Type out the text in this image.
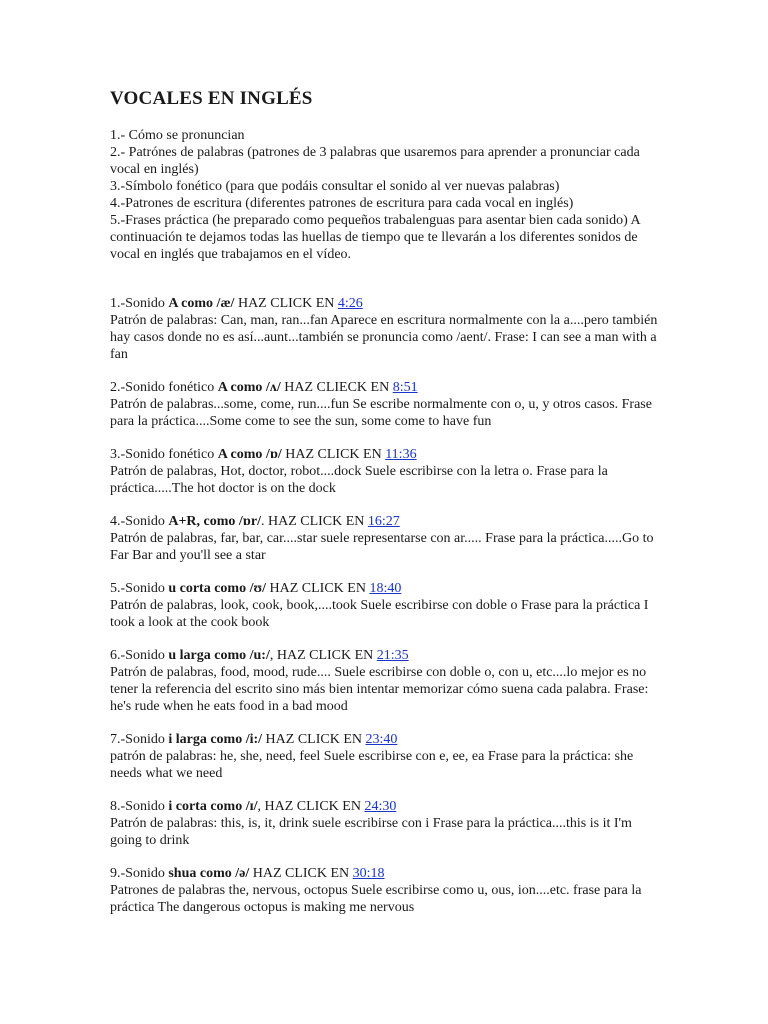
VOCALES EN INGLÉS

1.- Cómo se pronuncian

2.- Patrónes de palabras (patrones de 3 palabras que usaremos para aprender a pronunciar cada vocal en inglés)

3.-Símbolo fonético (para que podáis consultar el sonido al ver nuevas palabras)

4.-Patrones de escritura (diferentes patrones de escritura para cada vocal en inglés)

5.-Frases práctica (he preparado como pequeños trabalenguas para asentar bien cada sonido) A continuación te dejamos todas las huellas de tiempo que te llevarán a los diferentes sonidos de vocal en inglés que trabajamos en el vídeo.

1.-Sonido A como /æ/ HAZ CLICK EN 4:26

Patrón de palabras: Can, man, ran...fan Aparece en escritura normalmente con la a....pero también hay casos donde no es así...aunt...también se pronuncia como /aent/. Frase: I can see a man with a fan

2.-Sonido fonético A como /ʌ/ HAZ CLIECK EN 8:51

Patrón de palabras...some, come, run....fun Se escribe normalmente con o, u, y otros casos. Frase para la práctica....Some come to see the sun, some come to have fun

3.-Sonido fonético A como /ɒ/ HAZ CLICK EN 11:36

Patrón de palabras, Hot, doctor, robot....dock Suele escribirse con la letra o. Frase para la práctica.....The hot doctor is on the dock

4.-Sonido A+R, como /ɒr/. HAZ CLICK EN 16:27

Patrón de palabras, far, bar, car....star suele representarse con ar..... Frase para la práctica.....Go to Far Bar and you'll see a star

5.-Sonido u corta como /ʊ/ HAZ CLICK EN 18:40

Patrón de palabras, look, cook, book,....took Suele escribirse con doble o Frase para la práctica I took a look at the cook book

6.-Sonido u larga como /u:/, HAZ CLICK EN 21:35

Patrón de palabras, food, mood, rude.... Suele escribirse con doble o, con u, etc....lo mejor es no tener la referencia del escrito sino más bien intentar memorizar cómo suena cada palabra. Frase: he's rude when he eats food in a bad mood

7.-Sonido i larga como /i:/ HAZ CLICK EN 23:40

patrón de palabras: he, she, need, feel Suele escribirse con e, ee, ea Frase para la práctica: she needs what we need

8.-Sonido i corta como /ɪ/, HAZ CLICK EN 24:30

Patrón de palabras: this, is, it, drink suele escribirse con i Frase para la práctica....this is it I'm going to drink

9.-Sonido shua como /ə/ HAZ CLICK EN 30:18

Patrones de palabras the, nervous, octopus Suele escribirse como u, ous, ion....etc. frase para la práctica The dangerous octopus is making me nervous
